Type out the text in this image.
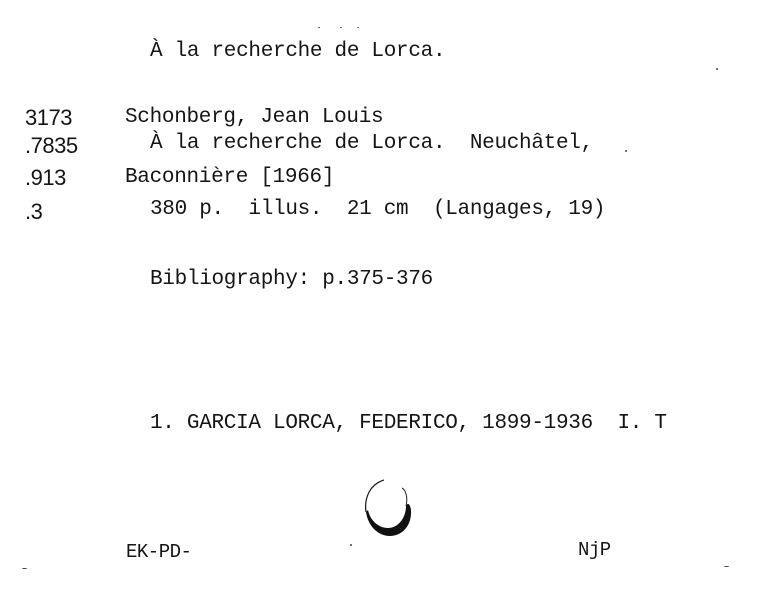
À la recherche de Lorca.
3173
.7835
.913
.3
Schonberg, Jean Louis
À la recherche de Lorca.  Neuchâtel,
Baconnière [1966]
380 p.  illus.  21 cm  (Langages, 19)
Bibliography: p.375-376
1. GARCIA LORCA, FEDERICO, 1899-1936  I. T
EK-PD-	NjP
